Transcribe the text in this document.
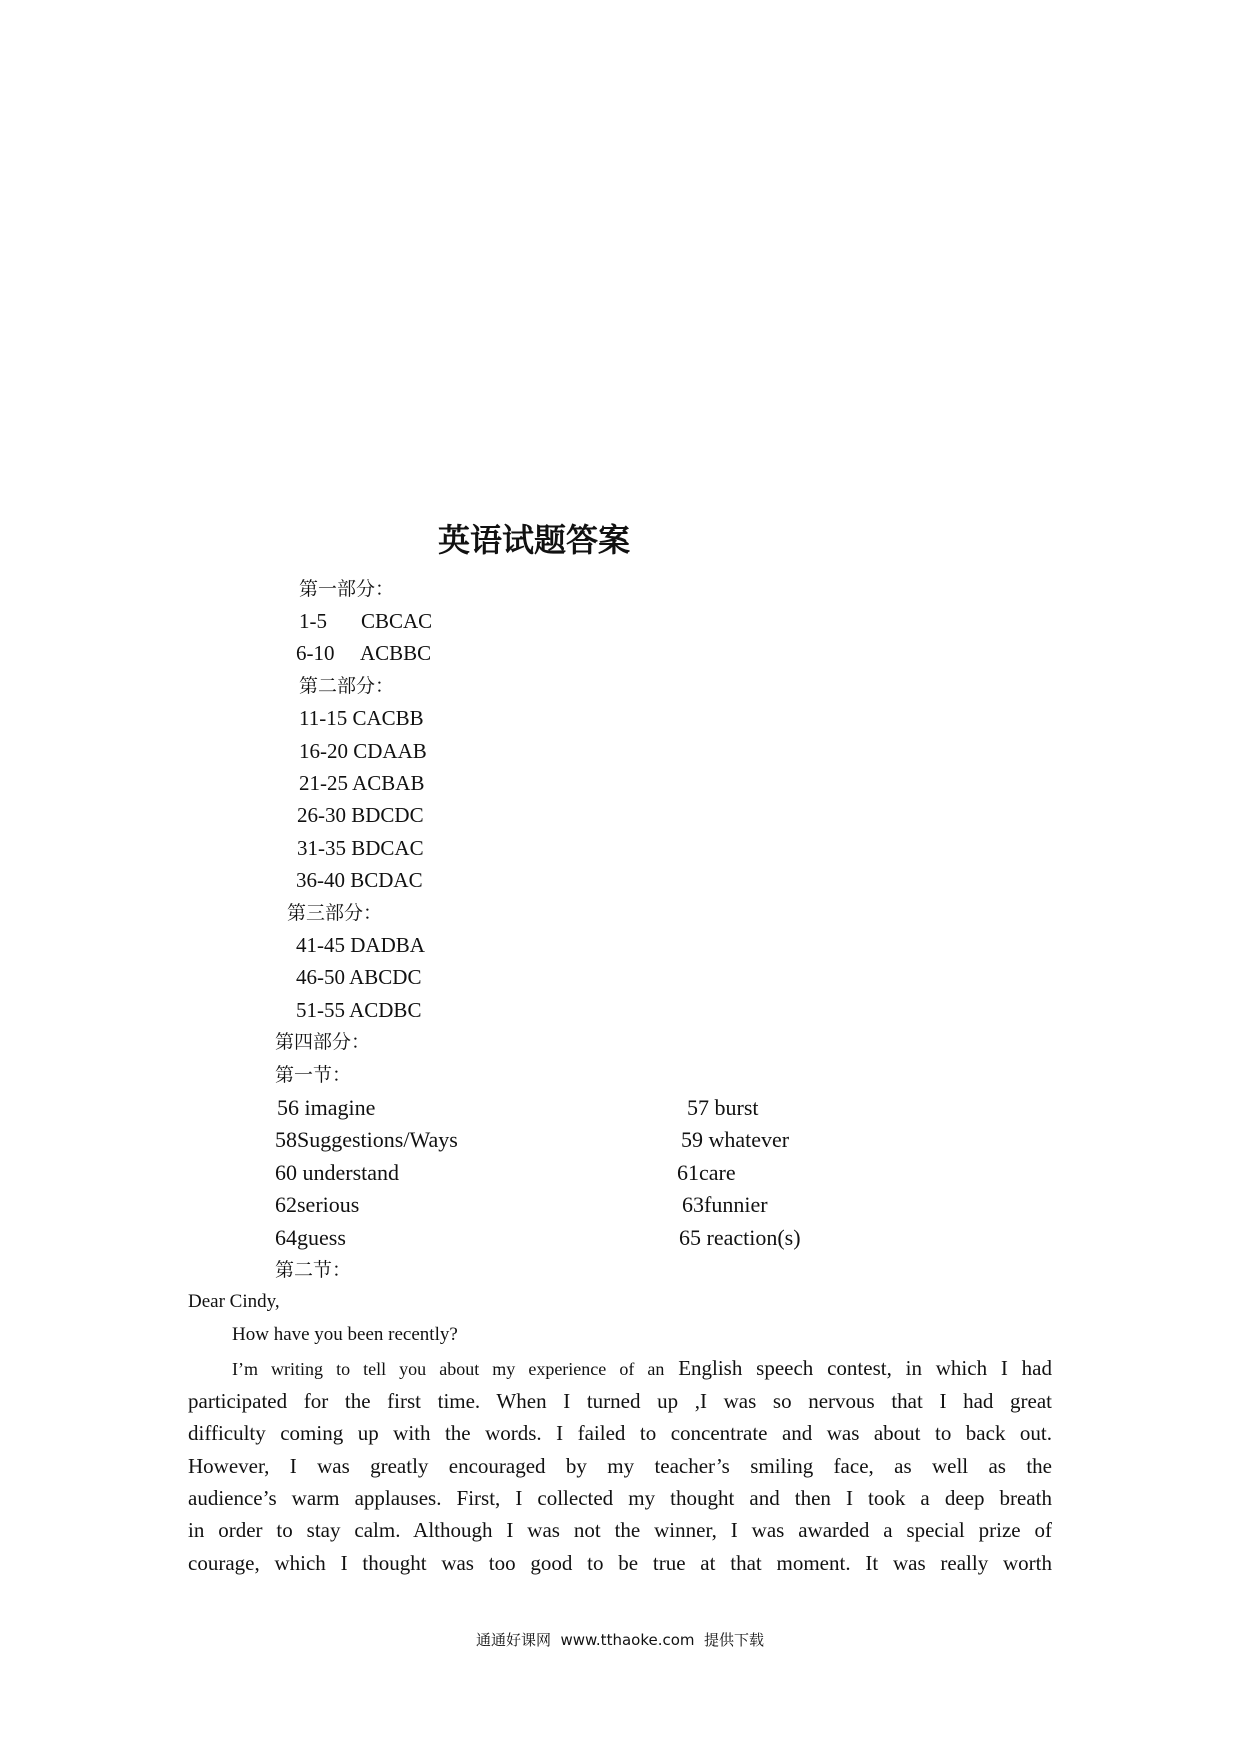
英语试题答案
第一部分：
1-5 CBCAC
6-10 ACBBC
第二部分：
11-15 CACBB
16-20 CDAAB
21-25 ACBAB
26-30 BDCDC
31-35 BDCAC
36-40 BCDAC
第三部分：
41-45 DADBA
46-50 ABCDC
51-55 ACDBC
第四部分：
第一节：
56 imagine	57 burst
58Suggestions/Ways	59 whatever
60 understand	61care
62serious	63funnier
64guess	65 reaction(s)
第二节：
Dear Cindy,
How have you been recently?
I’m writing to tell you about my experience of an English speech contest, in which I had
participated for the first time. When I turned up ,I was so nervous that I had great
difficulty coming up with the words. I failed to concentrate and was about to back out.
However, I was greatly encouraged by my teacher’s smiling face, as well as the
audience’s warm applauses. First, I collected my thought and then I took a deep breath
in order to stay calm. Although I was not the winner, I was awarded a special prize of
courage, which I thought was too good to be true at that moment. It was really worth
通通好课网  www.tthaoke.com  提供下载
